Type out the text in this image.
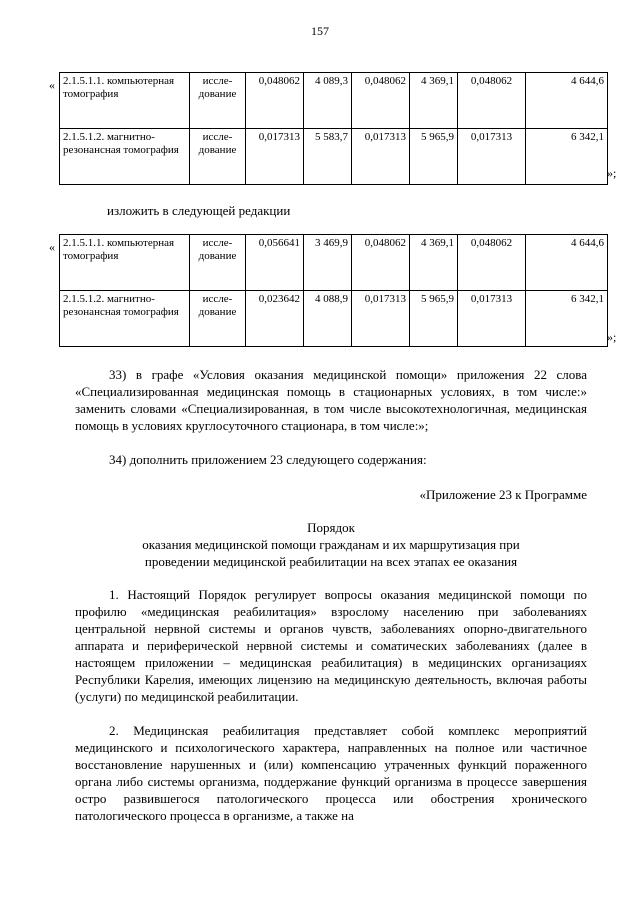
157
« 2.1.5.1.1. компьютерная томография	иссле-дование	0,048062	4 089,3	0,048062	4 369,1	0,048062	4 644,6
2.1.5.1.2. магнитно-резонансная томография	иссле-дование	0,017313	5 583,7	0,017313	5 965,9	0,017313	6 342,1
»;
изложить в следующей редакции
« 2.1.5.1.1. компьютерная томография	иссле-дование	0,056641	3 469,9	0,048062	4 369,1	0,048062	4 644,6
2.1.5.1.2. магнитно-резонансная томография	иссле-дование	0,023642	4 088,9	0,017313	5 965,9	0,017313	6 342,1
»;
33) в графе «Условия оказания медицинской помощи» приложения 22 слова «Специализированная медицинская помощь в стационарных условиях, в том числе:» заменить словами «Специализированная, в том числе высокотехнологичная, медицинская помощь в условиях круглосуточного стационара, в том числе:»;
34) дополнить приложением 23 следующего содержания:
«Приложение 23 к Программе
Порядок
оказания медицинской помощи гражданам и их маршрутизация при
проведении медицинской реабилитации на всех этапах ее оказания
1. Настоящий Порядок регулирует вопросы оказания медицинской помощи по профилю «медицинская реабилитация» взрослому населению при заболеваниях центральной нервной системы и органов чувств, заболеваниях опорно-двигательного аппарата и периферической нервной системы и соматических заболеваниях (далее в настоящем приложении – медицинская реабилитация) в медицинских организациях Республики Карелия, имеющих лицензию на медицинскую деятельность, включая работы (услуги) по медицинской реабилитации.
2. Медицинская реабилитация представляет собой комплекс мероприятий медицинского и психологического характера, направленных на полное или частичное восстановление нарушенных и (или) компенсацию утраченных функций пораженного органа либо системы организма, поддержание функций организма в процессе завершения остро развившегося патологического процесса или обострения хронического патологического процесса в организме, а также на
